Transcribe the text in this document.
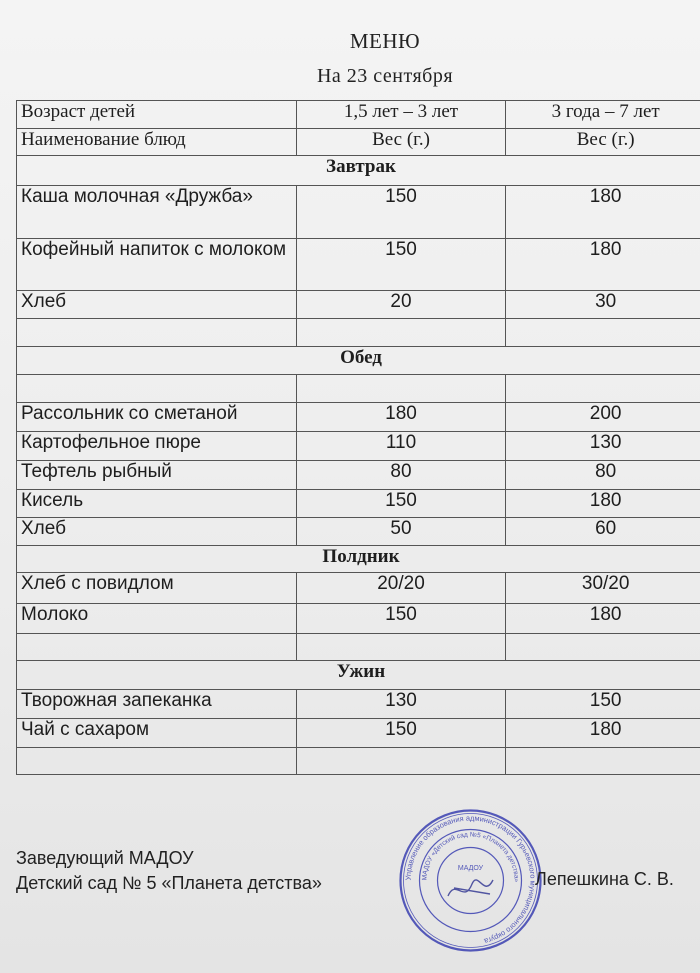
МЕНЮ
На 23 сентября
Возраст детей	1,5 лет – 3 лет	3 года – 7 лет
Наименование блюд	Вес (г.)	Вес (г.)
Завтрак		
Каша молочная «Дружба»	150	180
Кофейный напиток с молоком	150	180
Хлеб	20	30

Обед		

Рассольник со сметаной	180	200
Картофельное пюре	110	130
Тефтель рыбный	80	80
Кисель	150	180
Хлеб	50	60
Полдник		
Хлеб с повидлом	20/20	30/20
Молоко	150	180

Ужин		
Творожная запеканка	130	150
Чай с сахаром	150	180

Заведующий МАДОУ
Детский сад № 5 «Планета детства»	Управление образования администрации Гурьевского муниципального округа
МАДОУ «Детский сад №5 «Планета детства»
МАДОУ
Лепешкина С. В.
